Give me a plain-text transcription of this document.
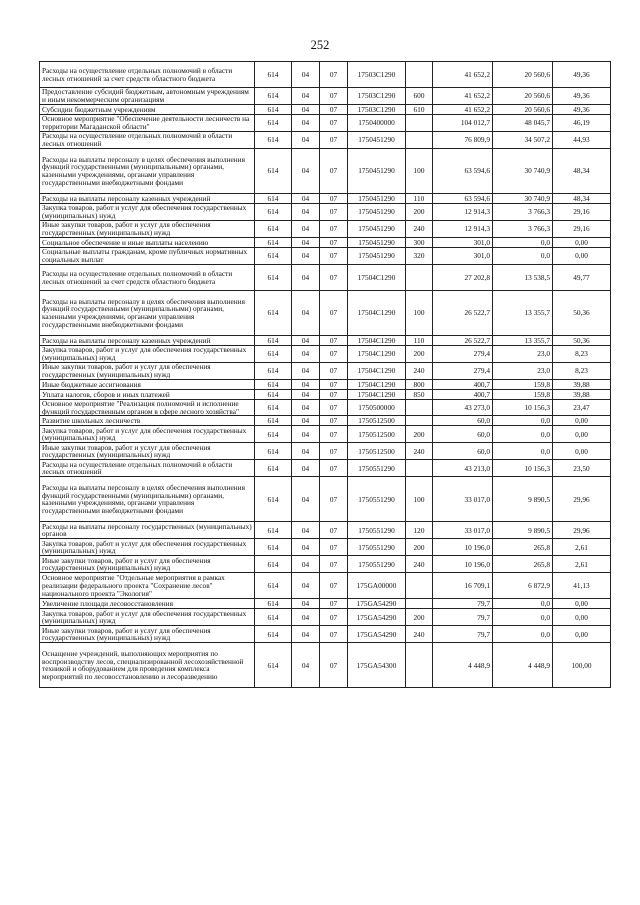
252
Расходы на осуществление отдельных полномочий в области лесных отношений за счет средств областного бюджета	614	04	07	17503С1290		41 652,2	20 560,6	49,36
Предоставление субсидий бюджетным, автономным учреждениям и иным некоммерческим организациям	614	04	07	17503С1290	600	41 652,2	20 560,6	49,36
Субсидии бюджетным учреждениям	614	04	07	17503С1290	610	41 652,2	20 560,6	49,36
Основное мероприятие "Обеспечение деятельности лесничеств на территории Магаданской области"	614	04	07	1750400000		104 012,7	48 045,7	46,19
Расходы на осуществление отдельных полномочий в области лесных отношений	614	04	07	1750451290		76 809,9	34 507,2	44,93
Расходы на выплаты персоналу в целях обеспечения выполнения функций государственными (муниципальными) органами, казенными учреждениями, органами управления государственными внебюджетными фондами	614	04	07	1750451290	100	63 594,6	30 740,9	48,34
Расходы на выплаты персоналу казенных учреждений	614	04	07	1750451290	110	63 594,6	30 740,9	48,34
Закупка товаров, работ и услуг для обеспечения государственных (муниципальных) нужд	614	04	07	1750451290	200	12 914,3	3 766,3	29,16
Иные закупки товаров, работ и услуг для обеспечения государственных (муниципальных) нужд	614	04	07	1750451290	240	12 914,3	3 766,3	29,16
Социальное обеспечение и иные выплаты населению	614	04	07	1750451290	300	301,0	0,0	0,00
Социальные выплаты гражданам, кроме публичных нормативных социальных выплат	614	04	07	1750451290	320	301,0	0,0	0,00
Расходы на осуществление отдельных полномочий в области лесных отношений за счет средств областного бюджета	614	04	07	17504С1290		27 202,8	13 538,5	49,77
Расходы на выплаты персоналу в целях обеспечения выполнения функций государственными (муниципальными) органами, казенными учреждениями, органами управления государственными внебюджетными фондами	614	04	07	17504С1290	100	26 522,7	13 355,7	50,36
Расходы на выплаты персоналу казенных учреждений	614	04	07	17504С1290	110	26 522,7	13 355,7	50,36
Закупка товаров, работ и услуг для обеспечения государственных (муниципальных) нужд	614	04	07	17504С1290	200	279,4	23,0	8,23
Иные закупки товаров, работ и услуг для обеспечения государственных (муниципальных) нужд	614	04	07	17504С1290	240	279,4	23,0	8,23
Иные бюджетные ассигнования	614	04	07	17504С1290	800	400,7	159,8	39,88
Уплата налогов, сборов и иных платежей	614	04	07	17504С1290	850	400,7	159,8	39,88
Основное мероприятие "Реализация полномочий и исполнение функций государственным органом в сфере лесного хозяйства"	614	04	07	1750500000		43 273,0	10 156,3	23,47
Развитие школьных лесничеств	614	04	07	1750512500		60,0	0,0	0,00
Закупка товаров, работ и услуг для обеспечения государственных (муниципальных) нужд	614	04	07	1750512500	200	60,0	0,0	0,00
Иные закупки товаров, работ и услуг для обеспечения государственных (муниципальных) нужд	614	04	07	1750512500	240	60,0	0,0	0,00
Расходы на осуществление отдельных полномочий в области лесных отношений	614	04	07	1750551290		43 213,0	10 156,3	23,50
Расходы на выплаты персоналу в целях обеспечения выполнения функций государственными (муниципальными) органами, казенными учреждениями, органами управления государственными внебюджетными фондами	614	04	07	1750551290	100	33 017,0	9 890,5	29,96
Расходы на выплаты персоналу государственных (муниципальных) органов	614	04	07	1750551290	120	33 017,0	9 890,5	29,96
Закупка товаров, работ и услуг для обеспечения государственных (муниципальных) нужд	614	04	07	1750551290	200	10 196,0	265,8	2,61
Иные закупки товаров, работ и услуг для обеспечения государственных (муниципальных) нужд	614	04	07	1750551290	240	10 196,0	265,8	2,61
Основное мероприятие "Отдельные мероприятия в рамках реализации федерального проекта "Сохранение лесов" национального проекта "Экология"	614	04	07	175GA00000		16 709,1	6 872,9	41,13
Увеличение площади лесовосстановления	614	04	07	175GA54290		79,7	0,0	0,00
Закупка товаров, работ и услуг для обеспечения государственных (муниципальных) нужд	614	04	07	175GA54290	200	79,7	0,0	0,00
Иные закупки товаров, работ и услуг для обеспечения государственных (муниципальных) нужд	614	04	07	175GA54290	240	79,7	0,0	0,00
Оснащение учреждений, выполняющих мероприятия по воспроизводству лесов, специализированной лесохозяйственной техникой и оборудованием для проведения комплекса мероприятий по лесовосстановлению и лесоразведению	614	04	07	175GA54300		4 448,9	4 448,9	100,00
